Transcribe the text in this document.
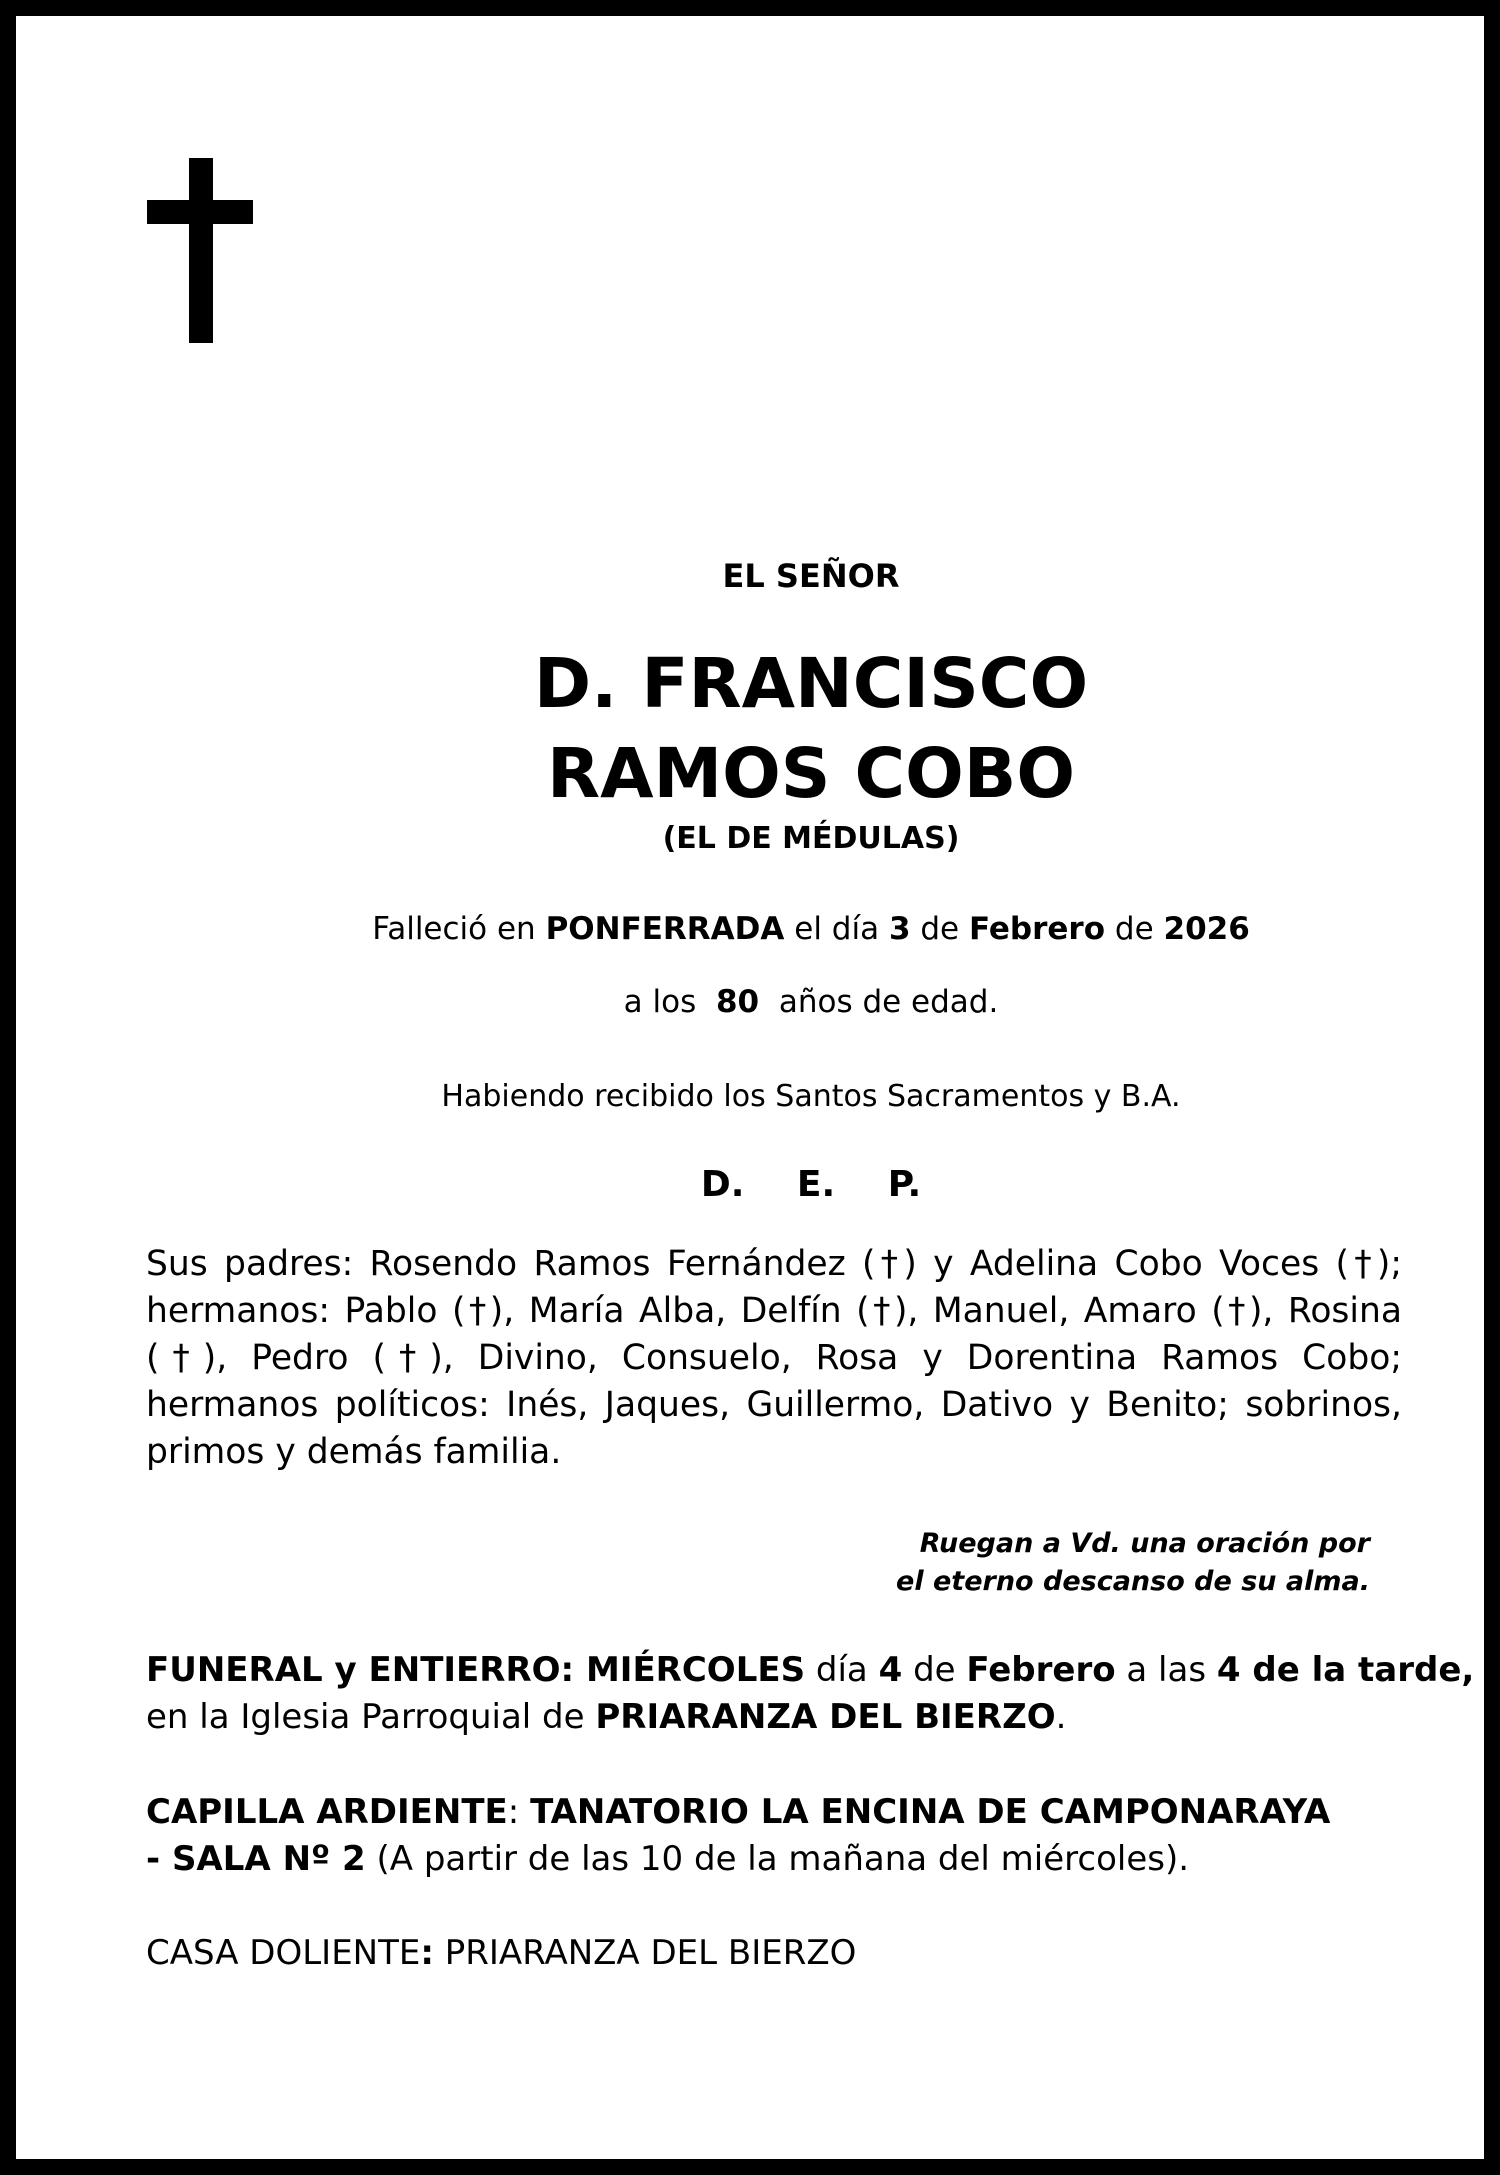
EL SEÑOR
D. FRANCISCO
RAMOS COBO
(EL DE MÉDULAS)
Falleció en PONFERRADA el día 3 de Febrero de 2026
a los 80 años de edad.
Habiendo recibido los Santos Sacramentos y B.A.
D. E. P.
Sus padres: Rosendo Ramos Fernández (†) y Adelina Cobo Voces (†); hermanos: Pablo (†), María Alba, Delfín (†), Manuel, Amaro (†), Rosina (†), Pedro (†), Divino, Consuelo, Rosa y Dorentina Ramos Cobo; hermanos políticos: Inés, Jaques, Guillermo, Dativo y Benito; sobrinos, primos y demás familia.
Ruegan a Vd. una oración por
el eterno descanso de su alma.
FUNERAL y ENTIERRO: MIÉRCOLES día 4 de Febrero a las 4 de la tarde,
en la Iglesia Parroquial de PRIARANZA DEL BIERZO.
CAPILLA ARDIENTE: TANATORIO LA ENCINA DE CAMPONARAYA
- SALA Nº 2 (A partir de las 10 de la mañana del miércoles).
CASA DOLIENTE: PRIARANZA DEL BIERZO
